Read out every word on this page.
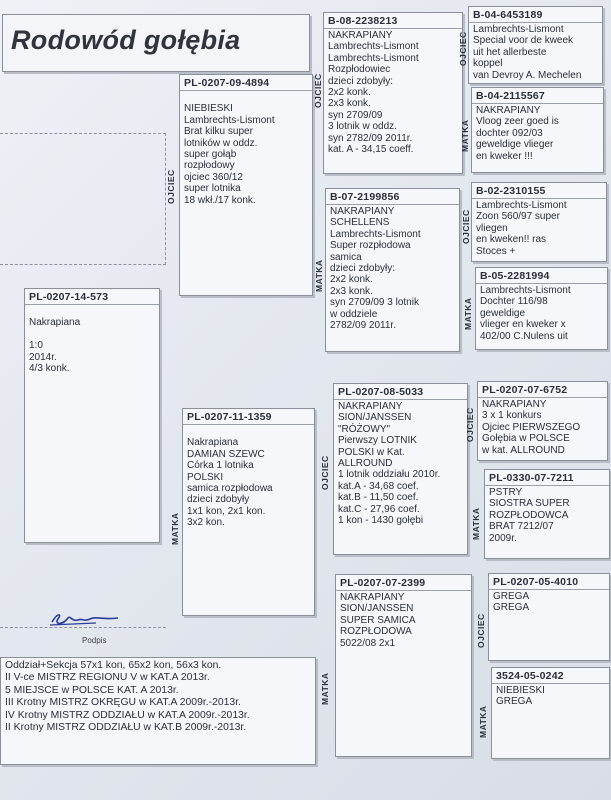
Rodowód gołębia
PL-0207-14-573

Nakrapiana

1:0
2014r.
4/3 konk.
PL-0207-09-4894

NIEBIESKI
Lambrechts-Lismont
Brat kilku super
lotników w oddz.
super gołąb
rozpłodowy
ojciec 360/12
super lotnika
18 wkł./17 konk.
OJCIEC
PL-0207-11-1359

Nakrapiana
DAMIAN SZEWC
Córka 1 lotnika
POLSKI
samica rozpłodowa
dzieci zdobyły
1x1 kon, 2x1 kon.
3x2 kon.
MATKA
B-08-2238213
NAKRAPIANY
Lambrechts-Lismont
Lambrechts-Lismont
Rozpłodowiec
dzieci zdobyły:
2x2 konk.
2x3 konk.
syn 2709/09
3 lotnik w oddz.
syn 2782/09 2011r.
kat. A - 34,15 coeff.
OJCIEC
B-07-2199856
NAKRAPIANY
SCHELLENS
Lambrechts-Lismont
Super rozpłodowa
samica
dzieci zdobyły:
2x2 konk.
2x3 konk.
syn 2709/09 3 lotnik
w oddziele
2782/09 2011r.
MATKA
PL-0207-08-5033
NAKRAPIANY
SION/JANSSEN
"RÓŻOWY"
Pierwszy LOTNIK
POLSKI w Kat.
ALLROUND
1 lotnik oddziału 2010r.
kat.A - 34,68 coef.
kat.B - 11,50 coef.
kat.C - 27,96 coef.
1 kon - 1430 gołębi
OJCIEC
PL-0207-07-2399
NAKRAPIANY
SION/JANSSEN
SUPER SAMICA
ROZPŁODOWA
5022/08 2x1
MATKA
B-04-6453189
Lambrechts-Lismont
Special voor de kweek
uit het allerbeste
koppel
van Devroy A. Mechelen
OJCIEC
B-04-2115567
NAKRAPIANY
Vloog zeer goed is
dochter 092/03
geweldige vlieger
en kweker !!!
MATKA
B-02-2310155
Lambrechts-Lismont
Zoon 560/97 super
vliegen
en kweken!! ras
Stoces +
OJCIEC
B-05-2281994
Lambrechts-Lismont
Dochter 116/98
geweldige
vlieger en kweker x
402/00 C.Nulens uit
MATKA
PL-0207-07-6752
NAKRAPIANY
3 x 1 konkurs
Ojciec PIERWSZEGO
Gołębia w POLSCE
w kat. ALLROUND
OJCIEC
PL-0330-07-7211
PSTRY
SIOSTRA SUPER
ROZPŁODOWCA
BRAT 7212/07
2009r.
MATKA
PL-0207-05-4010
GREGA
GREGA
OJCIEC
3524-05-0242
NIEBIESKI
GREGA
MATKA
Podpis
Oddział+Sekcja 57x1 kon, 65x2 kon, 56x3 kon.
II V-ce MISTRZ REGIONU V w KAT.A 2013r.
5 MIEJSCE w POLSCE KAT. A 2013r.
III Krotny MISTRZ OKRĘGU w KAT.A 2009r.-2013r.
IV Krotny MISTRZ ODDZIAŁU w KAT.A 2009r.-2013r.
II Krotny MISTRZ ODDZIAŁU w KAT.B 2009r.-2013r.
